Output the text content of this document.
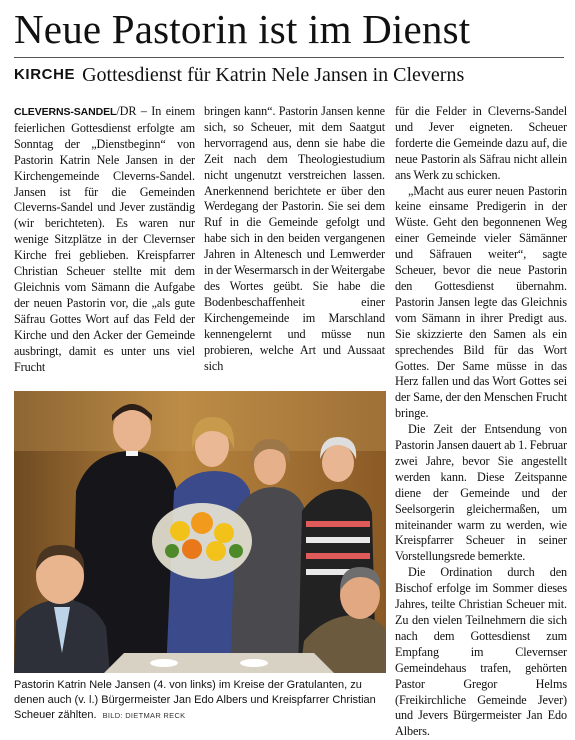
Neue Pastorin ist im Dienst
KIRCHE Gottesdienst für Katrin Nele Jansen in Cleverns

CLEVERNS-SANDEL/DR – In einem feierlichen Gottesdienst erfolgte am Sonntag der „Dienstbeginn“ von Pastorin Katrin Nele Jansen in der Kirchengemeinde Cleverns-Sandel. Jansen ist für die Gemeinden Cleverns-Sandel und Jever zuständig (wir berichteten). Es waren nur wenige Sitzplätze in der Clevernser Kirche frei geblieben. Kreispfarrer Christian Scheuer stellte mit dem Gleichnis vom Sämann die Aufgabe der neuen Pastorin vor, die „als gute Säfrau Gottes Wort auf das Feld der Kirche und den Acker der Gemeinde ausbringt, damit es unter uns viel Frucht

bringen kann“. Pastorin Jansen kenne sich, so Scheuer, mit dem Saatgut hervorragend aus, denn sie habe die Zeit nach dem Theologiestudium nicht ungenutzt verstreichen lassen. Anerkennend berichtete er über den Werdegang der Pastorin. Sie sei dem Ruf in die Gemeinde gefolgt und habe sich in den beiden vergangenen Jahren in Altenesch und Lemwerder in der Wesermarsch in der Weitergabe des Wortes geübt. Sie habe die Bodenbeschaffenheit einer Kirchengemeinde im Marschland kennengelernt und müsse nun probieren, welche Art und Aussaat sich

für die Felder in Cleverns-Sandel und Jever eigneten. Scheuer forderte die Gemeinde dazu auf, die neue Pastorin als Säfrau nicht allein ans Werk zu schicken.

„Macht aus eurer neuen Pastorin keine einsame Predigerin in der Wüste. Geht den begonnenen Weg einer Gemeinde vieler Sämänner und Säfrauen weiter“, sagte Scheuer, bevor die neue Pastorin den Gottesdienst übernahm. Pastorin Jansen legte das Gleichnis vom Sämann in ihrer Predigt aus. Sie skizzierte den Samen als ein sprechendes Bild für das Wort Gottes. Der Same müsse in das Herz fallen und das Wort Gottes sei der Same, der den Menschen Frucht bringe.

Die Zeit der Entsendung von Pastorin Jansen dauert ab 1. Februar zwei Jahre, bevor Sie angestellt werden kann. Diese Zeitspanne diene der Gemeinde und der Seelsorgerin gleichermaßen, um miteinander warm zu werden, wie Kreispfarrer Scheuer in seiner Vorstellungsrede bemerkte.

Die Ordination durch den Bischof erfolge im Sommer dieses Jahres, teilte Christian Scheuer mit. Zu den vielen Teilnehmern die sich nach dem Gottesdienst zum Empfang im Clevernser Gemeindehaus trafen, gehörten Pastor Gregor Helms (Freikirchliche Gemeinde Jever) und Jevers Bürgermeister Jan Edo Albers.

Pastorin Katrin Nele Jansen (4. von links) im Kreise der Gratulanten, zu denen auch (v. l.) Bürgermeister Jan Edo Albers und Kreispfarrer Christian Scheuer zählten. BILD: DIETMAR RECK
